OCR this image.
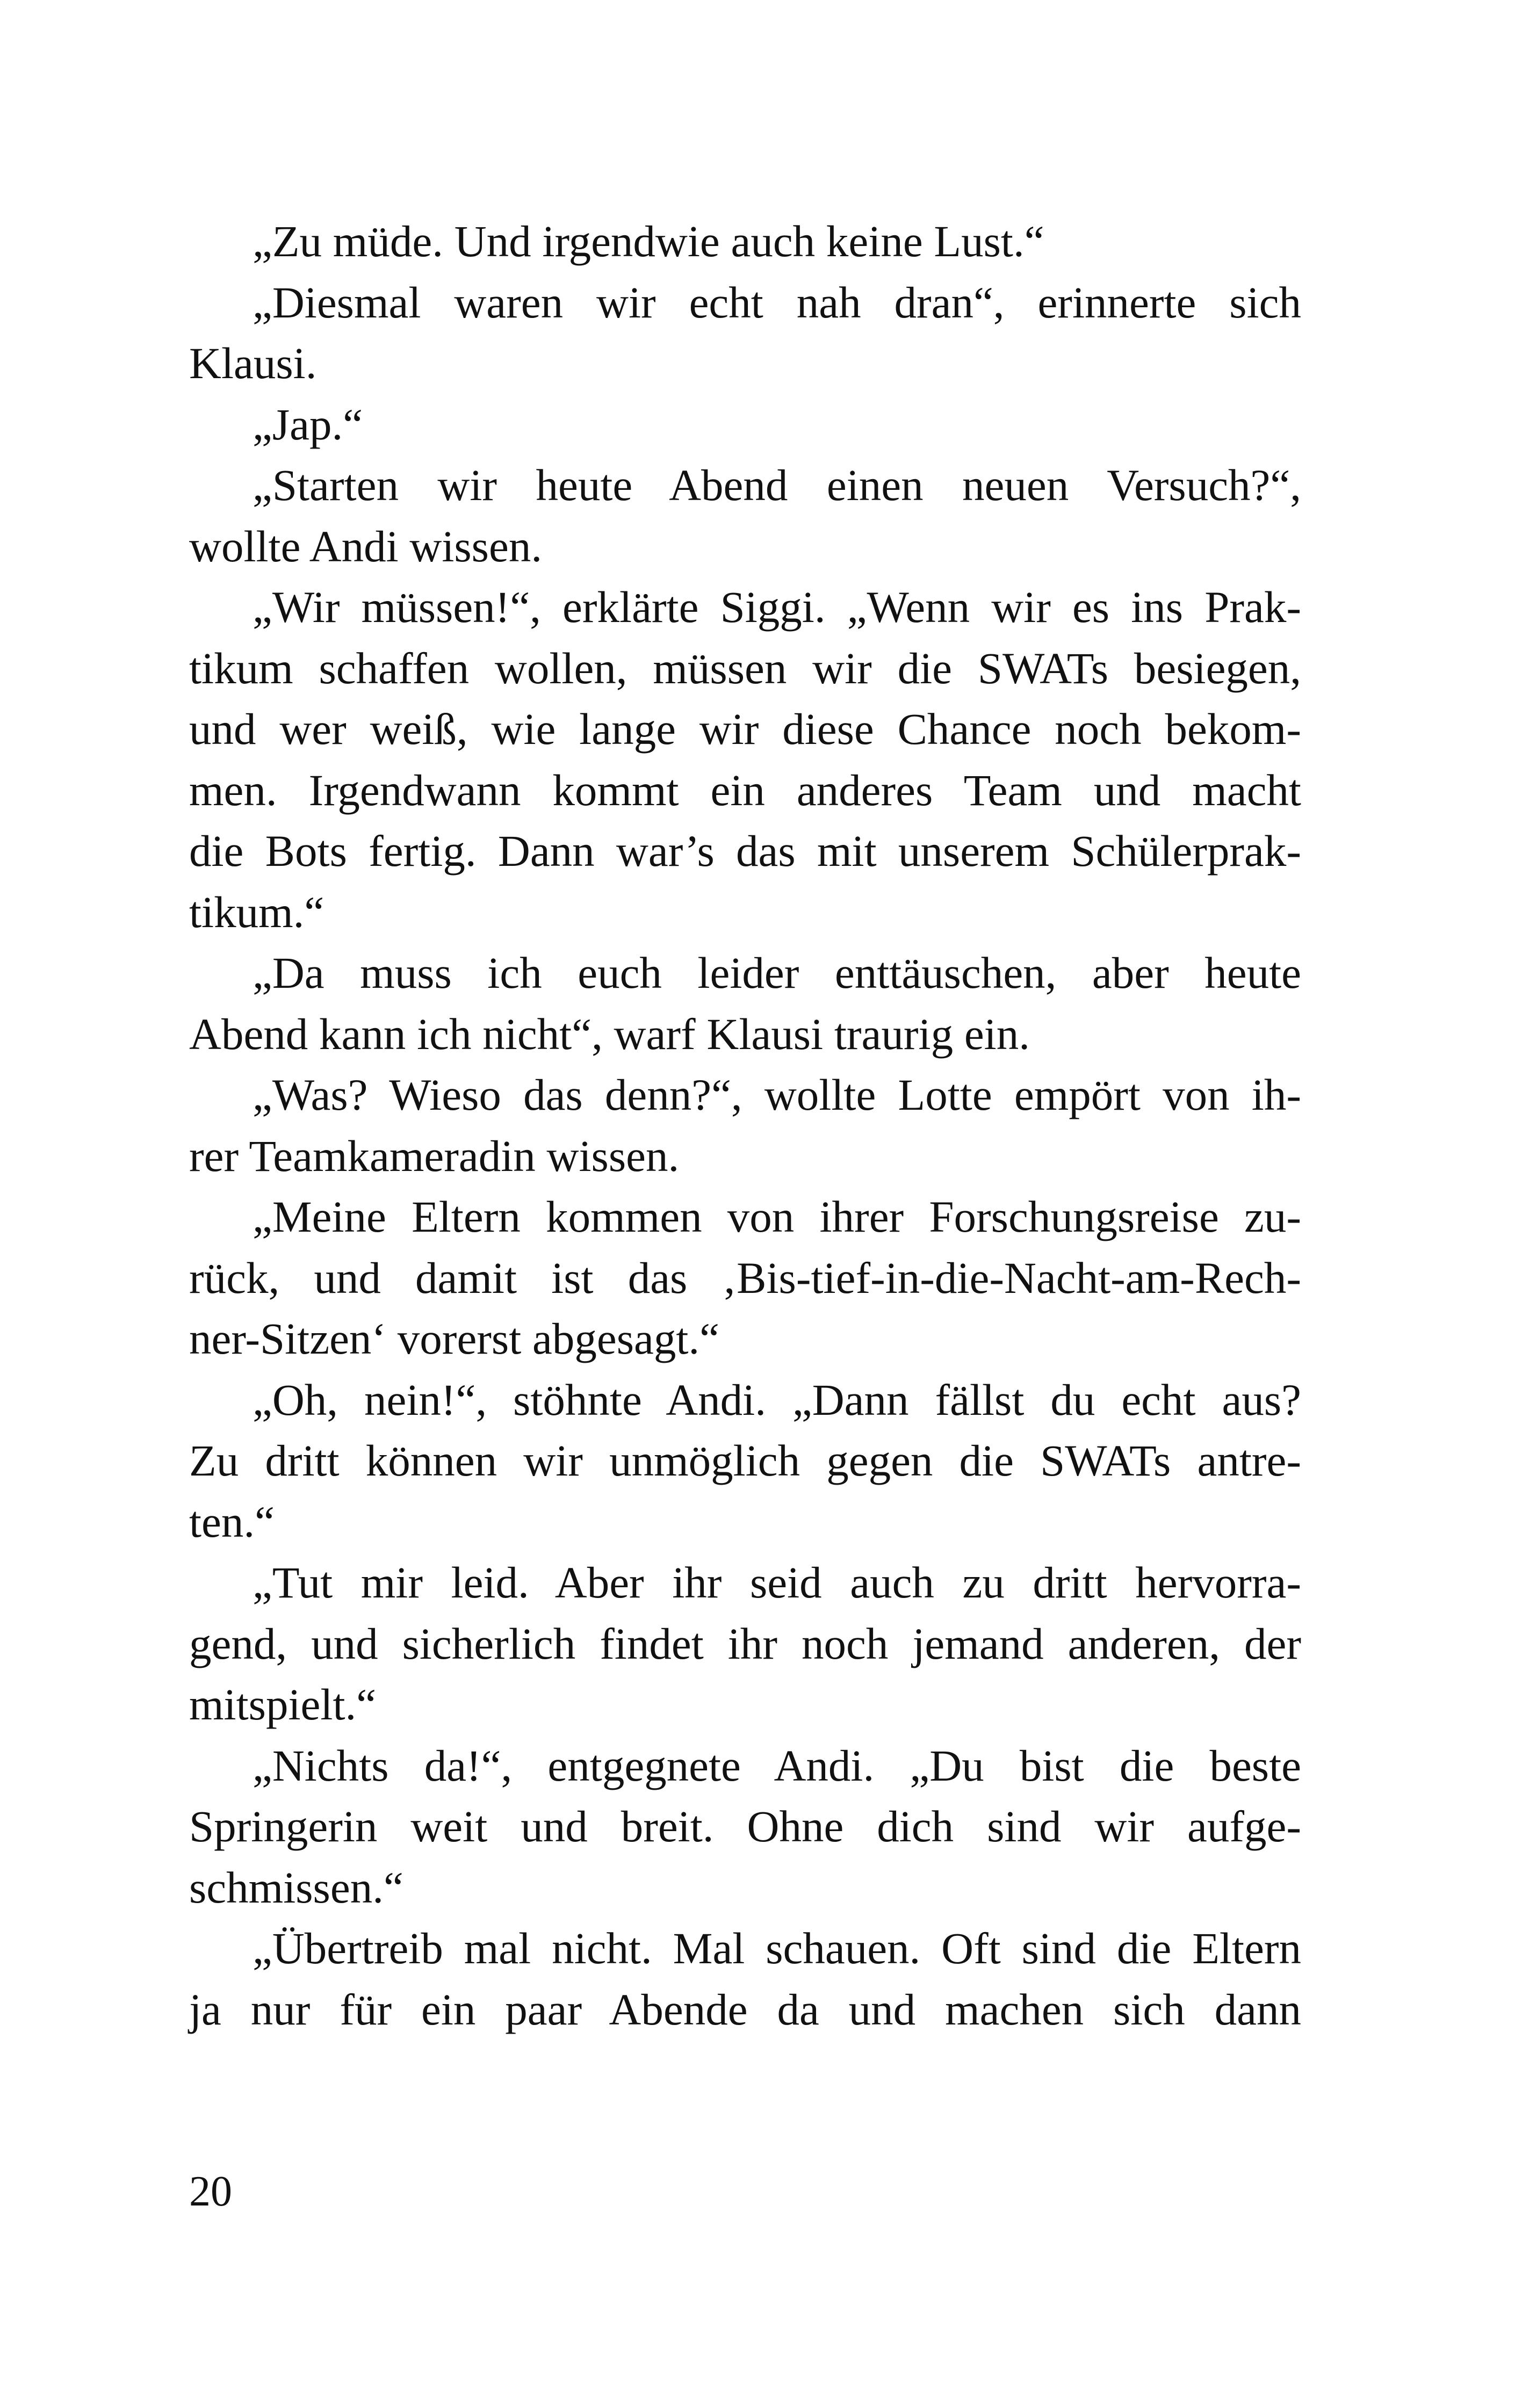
„Zu müde. Und irgendwie auch keine Lust.“
„Diesmal waren wir echt nah dran“, erinnerte sich
Klausi.
„Jap.“
„Starten wir heute Abend einen neuen Versuch?“,
wollte Andi wissen.
„Wir müssen!“, erklärte Siggi. „Wenn wir es ins Prak-
tikum schaffen wollen, müssen wir die SWATs besiegen,
und wer weiß, wie lange wir diese Chance noch bekom-
men. Irgendwann kommt ein anderes Team und macht
die Bots fertig. Dann war’s das mit unserem Schülerprak-
tikum.“
„Da muss ich euch leider enttäuschen, aber heute
Abend kann ich nicht“, warf Klausi traurig ein.
„Was? Wieso das denn?“, wollte Lotte empört von ih-
rer Teamkameradin wissen.
„Meine Eltern kommen von ihrer Forschungsreise zu-
rück, und damit ist das ‚Bis-tief-in-die-Nacht-am-Rech-
ner-Sitzen‘ vorerst abgesagt.“
„Oh, nein!“, stöhnte Andi. „Dann fällst du echt aus?
Zu dritt können wir unmöglich gegen die SWATs antre-
ten.“
„Tut mir leid. Aber ihr seid auch zu dritt hervorra-
gend, und sicherlich findet ihr noch jemand anderen, der
mitspielt.“
„Nichts da!“, entgegnete Andi. „Du bist die beste
Springerin weit und breit. Ohne dich sind wir aufge-
schmissen.“
„Übertreib mal nicht. Mal schauen. Oft sind die Eltern
ja nur für ein paar Abende da und machen sich dann
20
